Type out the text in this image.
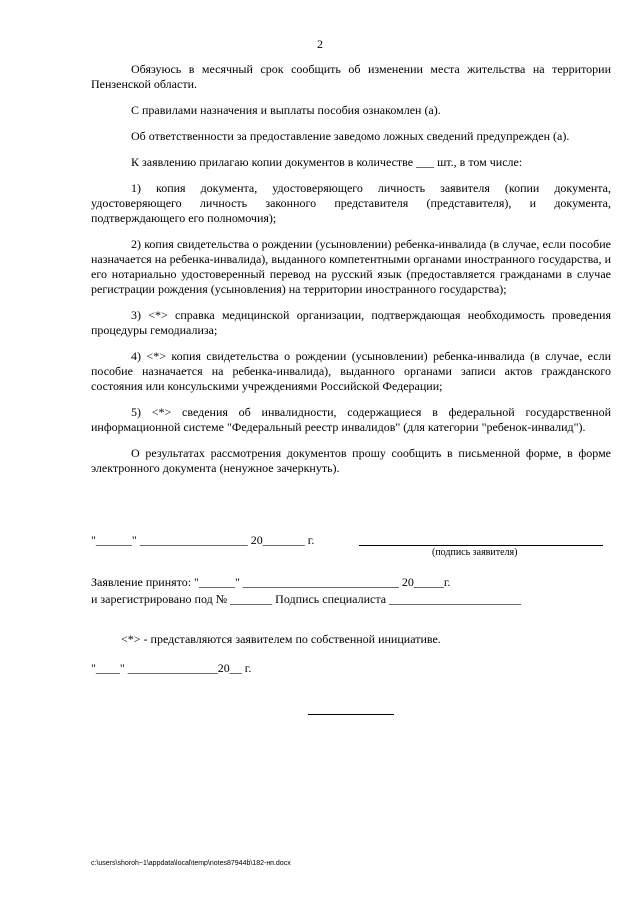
2

Обязуюсь в месячный срок сообщить об изменении места жительства на территории Пензенской области.

С правилами назначения и выплаты пособия ознакомлен (а).

Об ответственности за предоставление заведомо ложных сведений предупрежден (а).

К заявлению прилагаю копии документов в количестве ___ шт., в том числе:

1) копия документа, удостоверяющего личность заявителя (копии документа, удостоверяющего личность законного представителя (представителя), и документа, подтверждающего его полномочия);

2) копия свидетельства о рождении (усыновлении) ребенка-инвалида (в случае, если пособие назначается на ребенка-инвалида), выданного компетентными органами иностранного государства, и его нотариально удостоверенный перевод на русский язык (предоставляется гражданами в случае регистрации рождения (усыновления) на территории иностранного государства);

3) <*> справка медицинской организации, подтверждающая необходимость проведения процедуры гемодиализа;

4) <*> копия свидетельства о рождении (усыновлении) ребенка-инвалида (в случае, если пособие назначается на ребенка-инвалида), выданного органами записи актов гражданского состояния или консульскими учреждениями Российской Федерации;

5) <*> сведения об инвалидности, содержащиеся в федеральной государственной информационной системе "Федеральный реестр инвалидов" (для категории "ребенок-инвалид").

О результатах рассмотрения документов прошу сообщить в письменной форме, в форме электронного документа (ненужное зачеркнуть).

"______" __________________ 20_______ г.
(подпись заявителя)
Заявление принято: "______" __________________________ 20_____г.
и зарегистрировано под № _______ Подпись специалиста ______________________
<*> - представляются заявителем по собственной инициативе.
"____" _______________20__ г.
c:\users\shoroh~1\appdata\local\temp\notes87944b\182-нп.docx
